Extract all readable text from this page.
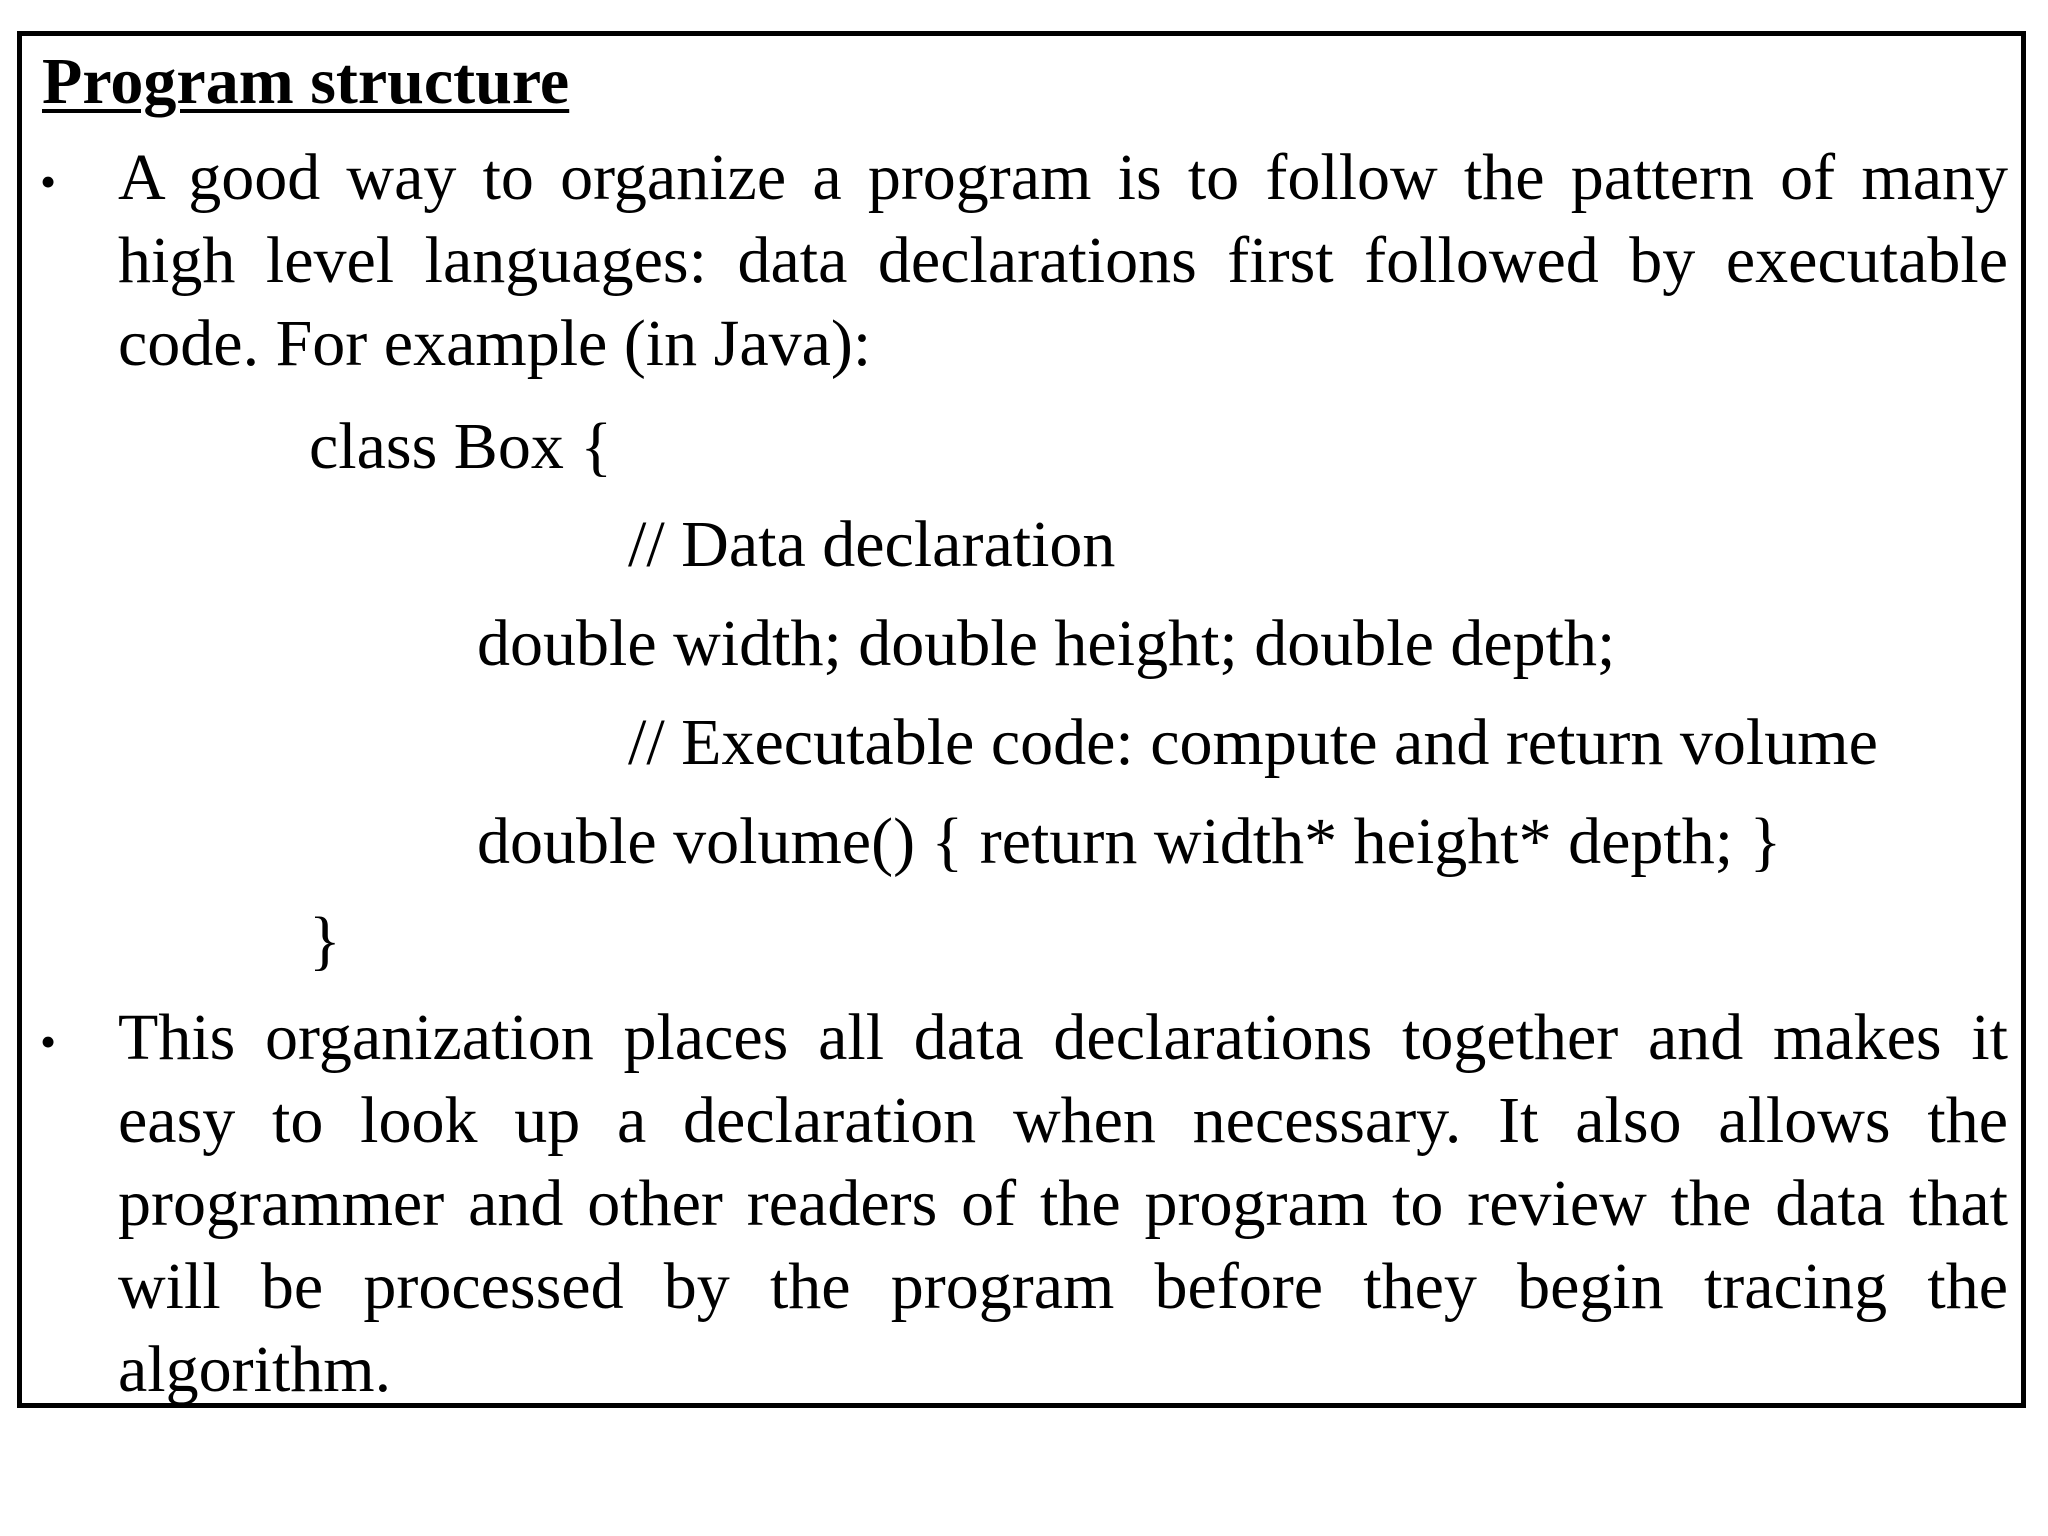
Program structure
• A good way to organize a program is to follow the pattern of many high level languages: data declarations first followed by executable code. For example (in Java):

class Box {
// Data declaration
double width; double height; double depth;
// Executable code: compute and return volume
double volume() { return width* height* depth; }
}
• This organization places all data declarations together and makes it easy to look up a declaration when necessary. It also allows the programmer and other readers of the program to review the data that will be processed by the program before they begin tracing the algorithm.
